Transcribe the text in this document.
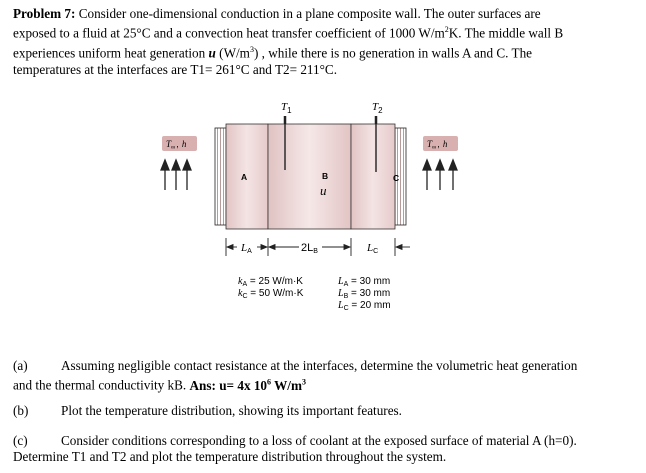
Problem 7: Consider one-dimensional conduction in a plane composite wall. The outer surfaces are
exposed to a fluid at 25°C and a convection heat transfer coefficient of 1000 $W/m^2K$. The middle wall B
experiences uniform heat generation u $(W/m^3)$ , while there is no generation in walls A and C. The
temperatures at the interfaces are T1= 261°C and T2= 211°C.
$T_1$	$T_2$
A	B
u
C
$T_\infty$, h	$T_\infty$, h
LA	2LB	LC
$k_A = 25$ W/m·K
$k_C = 50$ W/m·K
$L_A = 30$ mm
$L_B = 30$ mm
$L_C = 20$ mm
(a)	Assuming negligible contact resistance at the interfaces, determine the volumetric heat generation
and the thermal conductivity kB. Ans: u= 4x $10^6$ $W/m^3$
(b) Plot the temperature distribution, showing its important features.
(c)	Consider conditions corresponding to a loss of coolant at the exposed surface of material A (h=0).
Determine T1 and T2 and plot the temperature distribution throughout the system.
